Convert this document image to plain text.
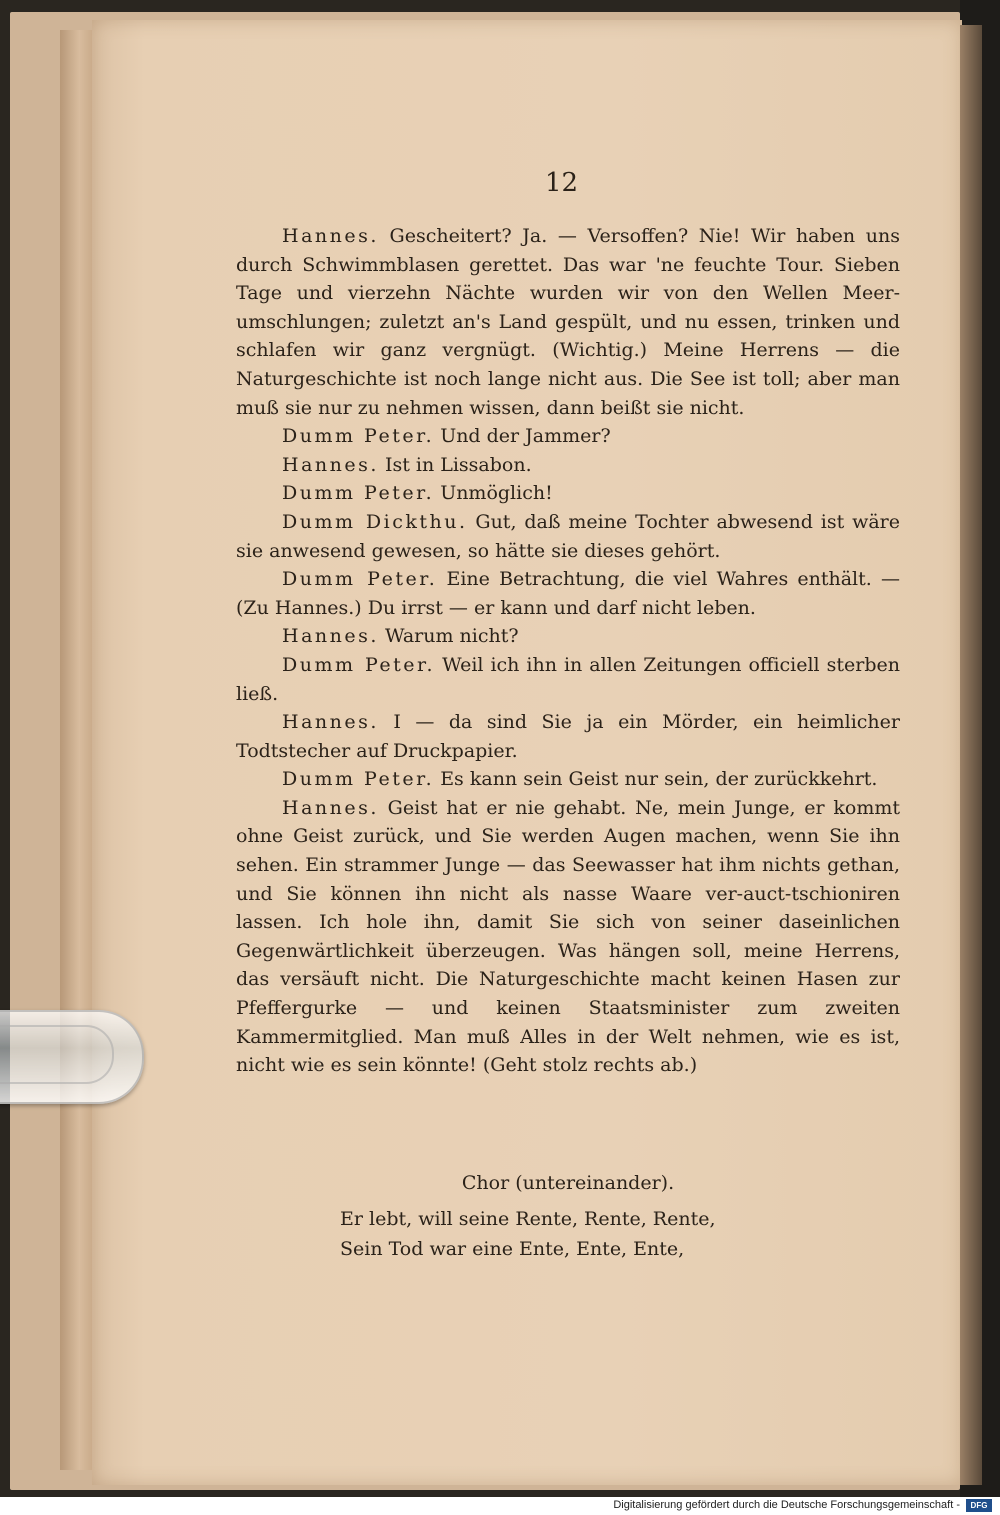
12

Hannes. Gescheitert? Ja. — Versoffen? Nie! Wir haben uns durch Schwimmblasen gerettet. Das war 'ne feuchte Tour. Sieben Tage und vierzehn Nächte wurden wir von den Wellen Meer-umschlungen; zuletzt an's Land gespült, und nu essen, trinken und schlafen wir ganz vergnügt. (Wichtig.) Meine Herrens — die Naturgeschichte ist noch lange nicht aus. Die See ist toll; aber man muß sie nur zu nehmen wissen, dann beißt sie nicht.

Dumm Peter. Und der Jammer?

Hannes. Ist in Lissabon.

Dumm Peter. Unmöglich!

Dumm Dickthu. Gut, daß meine Tochter abwesend ist wäre sie anwesend gewesen, so hätte sie dieses gehört.

Dumm Peter. Eine Betrachtung, die viel Wahres enthält. — (Zu Hannes.) Du irrst — er kann und darf nicht leben.

Hannes. Warum nicht?

Dumm Peter. Weil ich ihn in allen Zeitungen officiell sterben ließ.

Hannes. I — da sind Sie ja ein Mörder, ein heimlicher Todtstecher auf Druckpapier.

Dumm Peter. Es kann sein Geist nur sein, der zurückkehrt.

Hannes. Geist hat er nie gehabt. Ne, mein Junge, er kommt ohne Geist zurück, und Sie werden Augen machen, wenn Sie ihn sehen. Ein strammer Junge — das Seewasser hat ihm nichts gethan, und Sie können ihn nicht als nasse Waare ver-auct-tschioniren lassen. Ich hole ihn, damit Sie sich von seiner daseinlichen Gegenwärtlichkeit überzeugen. Was hängen soll, meine Herrens, das versäuft nicht. Die Naturgeschichte macht keinen Hasen zur Pfeffergurke — und keinen Staatsminister zum zweiten Kammermitglied. Man muß Alles in der Welt nehmen, wie es ist, nicht wie es sein könnte! (Geht stolz rechts ab.)

Chor (untereinander).
Er lebt, will seine Rente, Rente, Rente,
Sein Tod war eine Ente, Ente, Ente,
Digitalisierung gefördert durch die Deutsche Forschungsgemeinschaft -	DFG
